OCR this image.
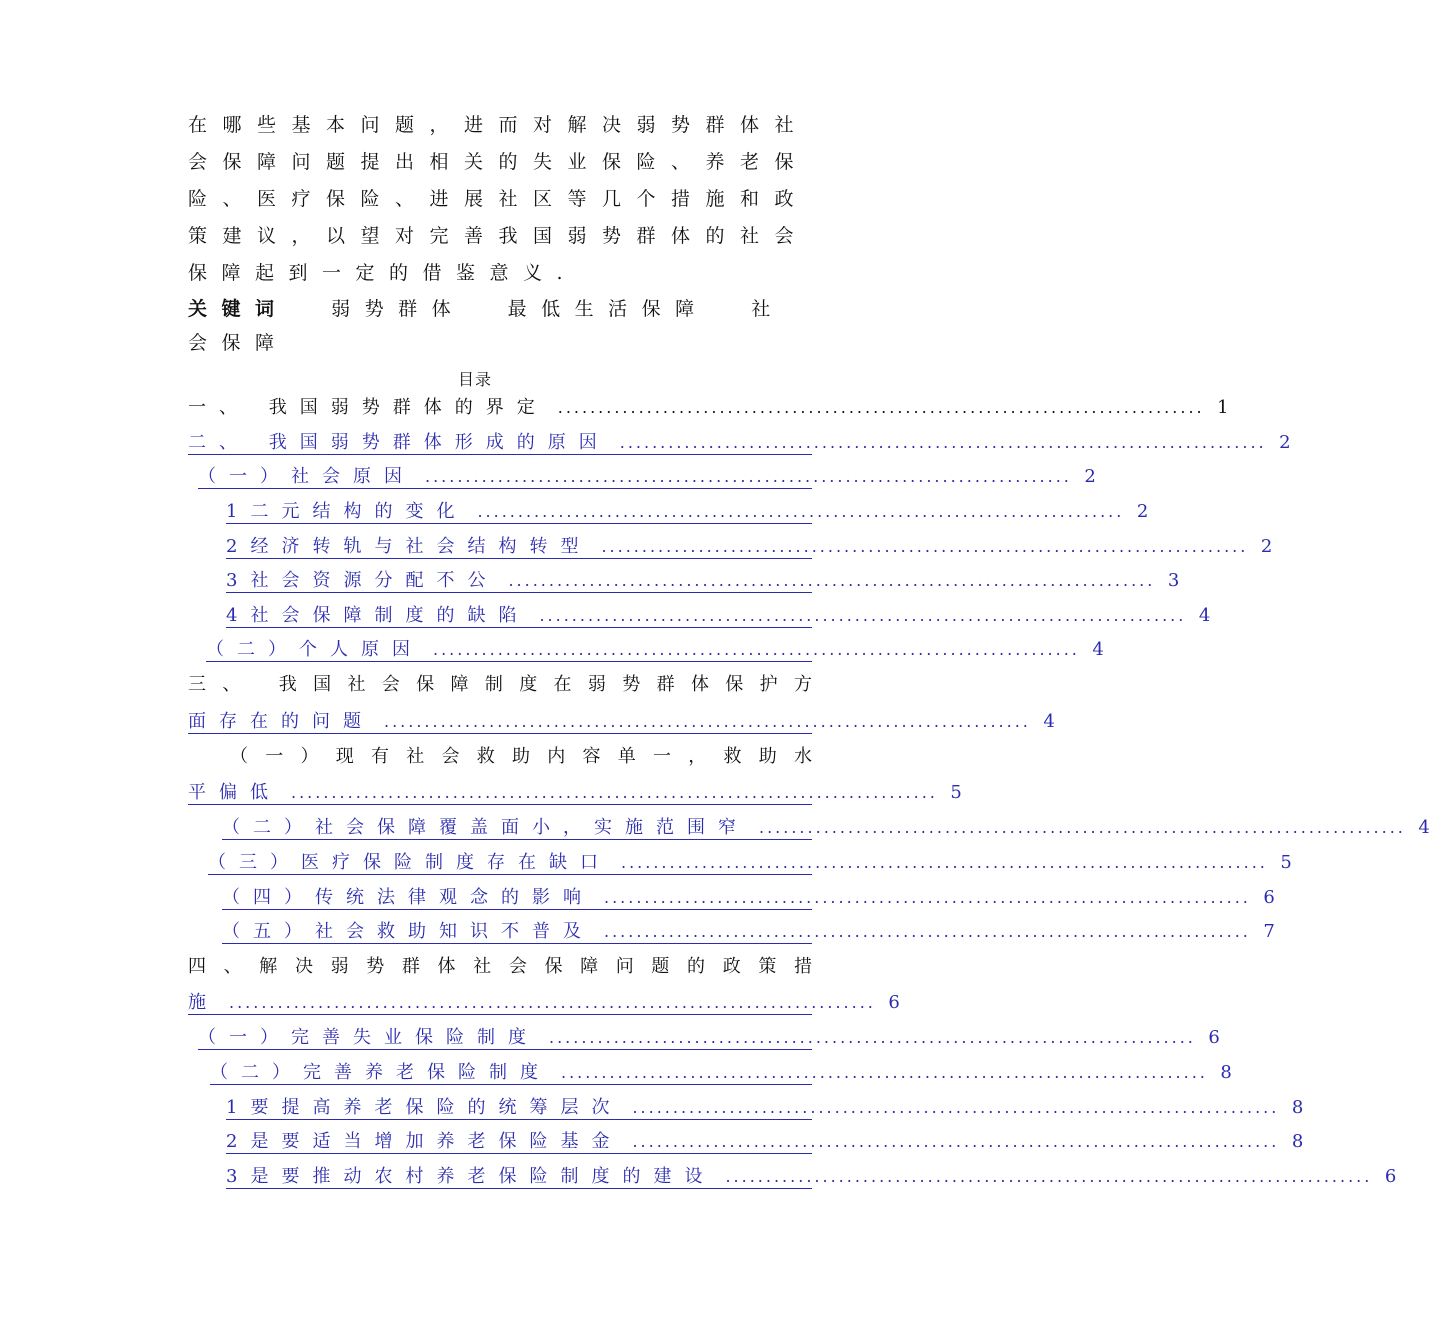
在哪些基本问题，进而对解决弱势群体社会保障问题提出相关的失业保险、养老保险、医疗保险、进展社区等几个措施和政策建议，以望对完善我国弱势群体的社会保障起到一定的借鉴意义.
关键词 弱势群体 最低生活保障 社会保障
目录
一、 我国弱势群体的界定 ................................................................................ 1
二、 我国弱势群体形成的原因 ................................................................................ 2
（一）社会原因 ................................................................................ 2
1二元结构的变化 ................................................................................ 2
2经济转轨与社会结构转型 ................................................................................ 2
3社会资源分配不公 ................................................................................ 3
4社会保障制度的缺陷 ................................................................................ 4
（二）个人原因 ................................................................................ 4
三、 我国社会保障制度在弱势群体保护方
面存在的问题 ................................................................................ 4
（一）现有社会救助内容单一，救助水
平偏低 ................................................................................ 5
（二）社会保障覆盖面小，实施范围窄 ................................................................................ 4
（三）医疗保险制度存在缺口 ................................................................................ 5
（四）传统法律观念的影响 ................................................................................ 6
（五）社会救助知识不普及 ................................................................................ 7
四、解决弱势群体社会保障问题的政策措
施 ................................................................................ 6
（一）完善失业保险制度 ................................................................................ 6
（二）完善养老保险制度 ................................................................................ 8
1要提高养老保险的统筹层次 ................................................................................ 8
2是要适当增加养老保险基金 ................................................................................ 8
3是要推动农村养老保险制度的建设 ................................................................................ 6
